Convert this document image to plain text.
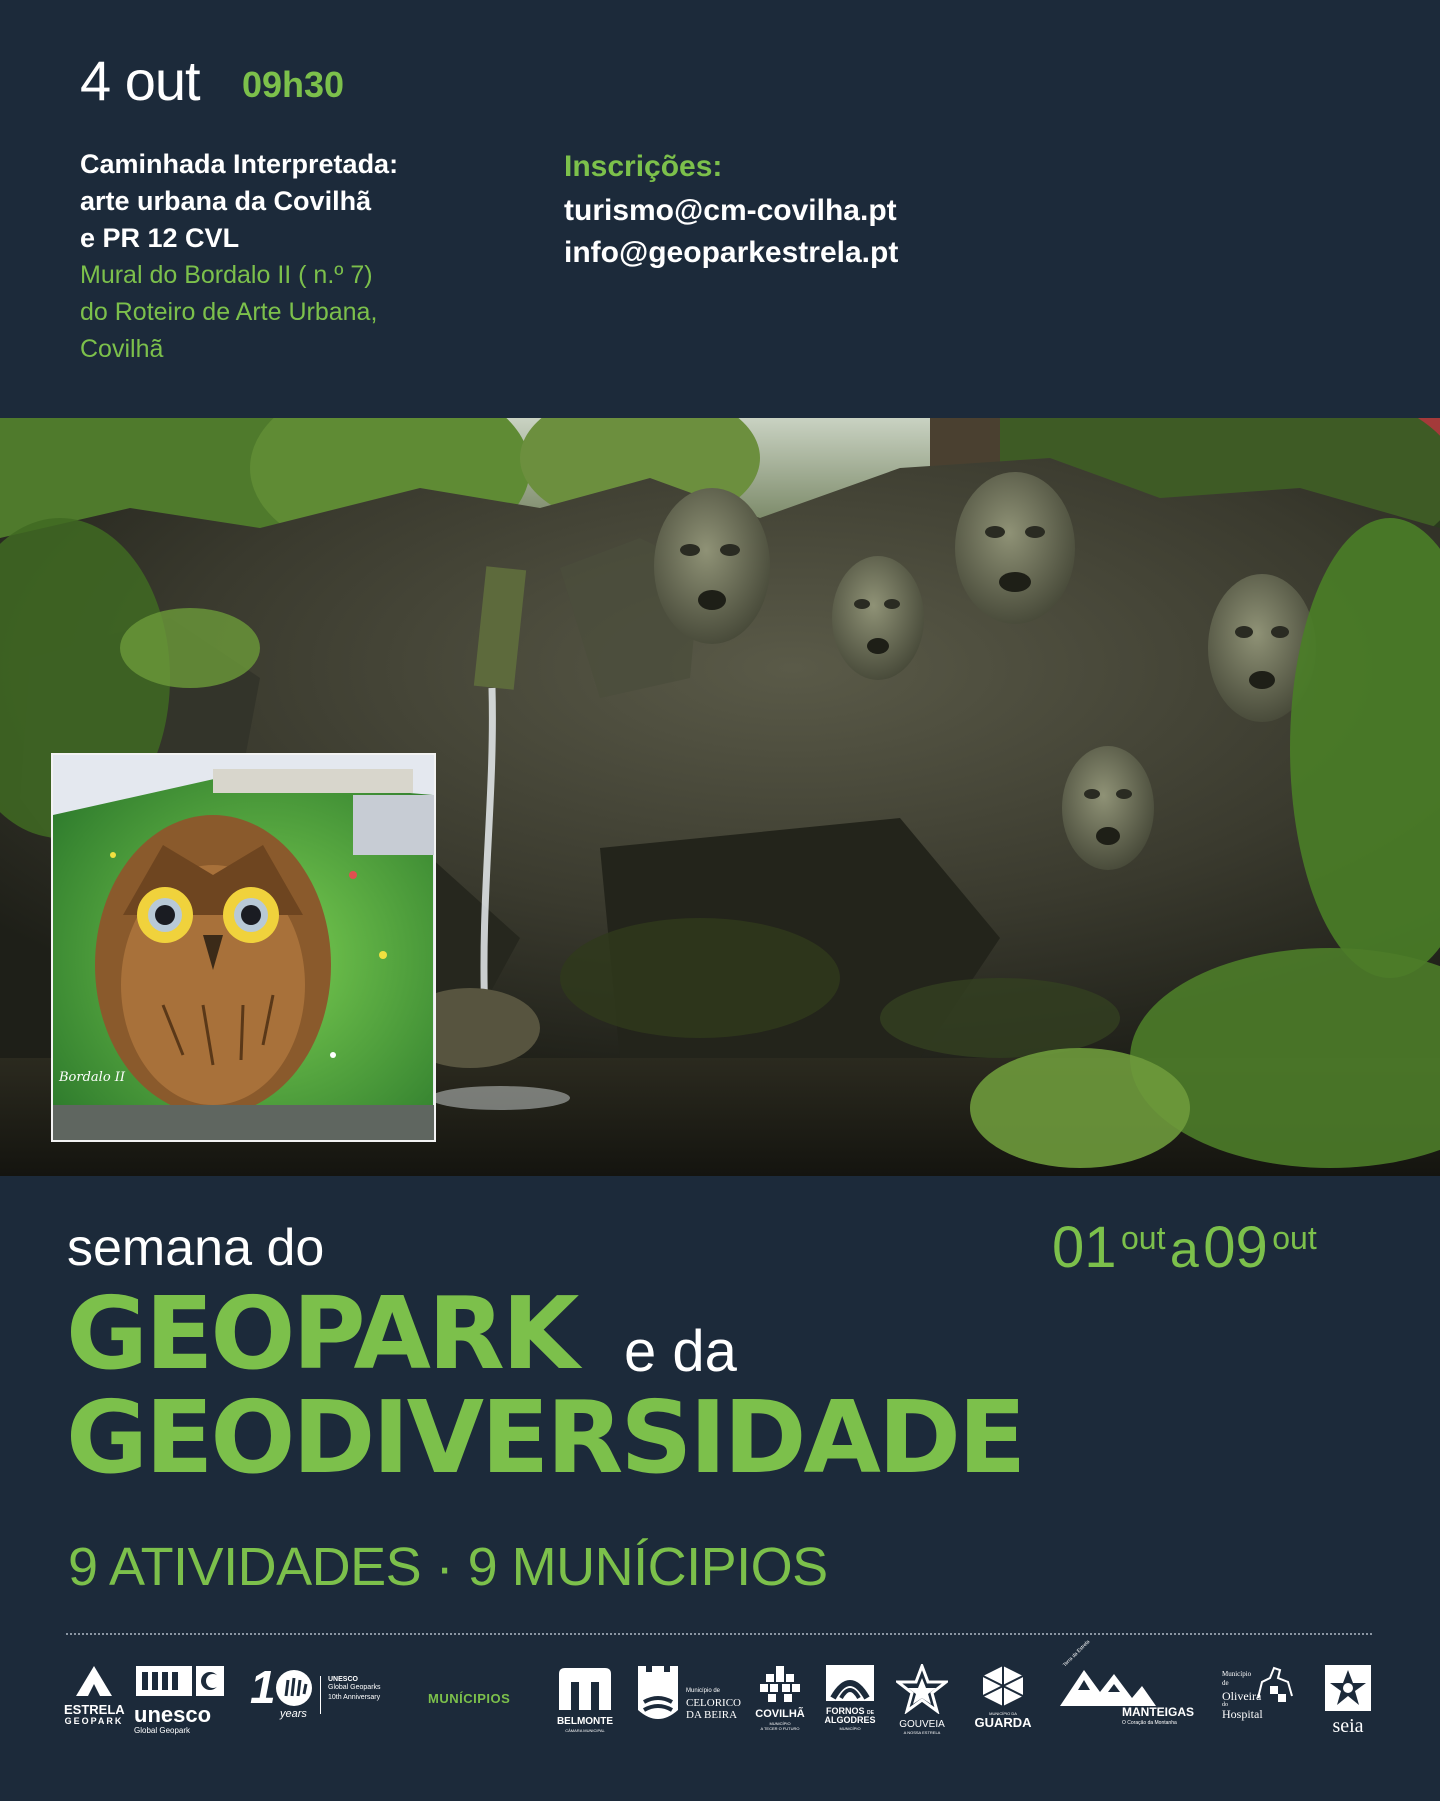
4 out 09h30
Caminhada Interpretada:
arte urbana da Covilhã
e PR 12 CVL
Mural do Bordalo II ( n.º 7)
do Roteiro de Arte Urbana,
Covilhã
Inscrições:
turismo@cm-covilha.pt
info@geoparkestrela.pt
Bordalo II
semana do	01 out a 09 out
GEOPARK e da
GEODIVERSIDADE
9 ATIVIDADES · 9 MUNÍCIPIOS
ESTRELA
GEOPARK unesco
Global Geopark
1
years
UNESCO
Global Geoparks
10th Anniversary	MUNÍCIPIOS
BELMONTE
CÂMARA MUNICIPAL
Município de
CELORICO
DA BEIRA	COVILHÃ
MUNICÍPIO
A TECER O FUTURO
FORNOS DE
ALGODRES
MUNICÍPIO	GOUVEIA
A NOSSA ESTRELA
MUNICÍPIO DA
GUARDA
Terra da Estrela
MANTEIGAS
O Coração da Montanha
Município
de
Oliveira
do
Hospital
seia
